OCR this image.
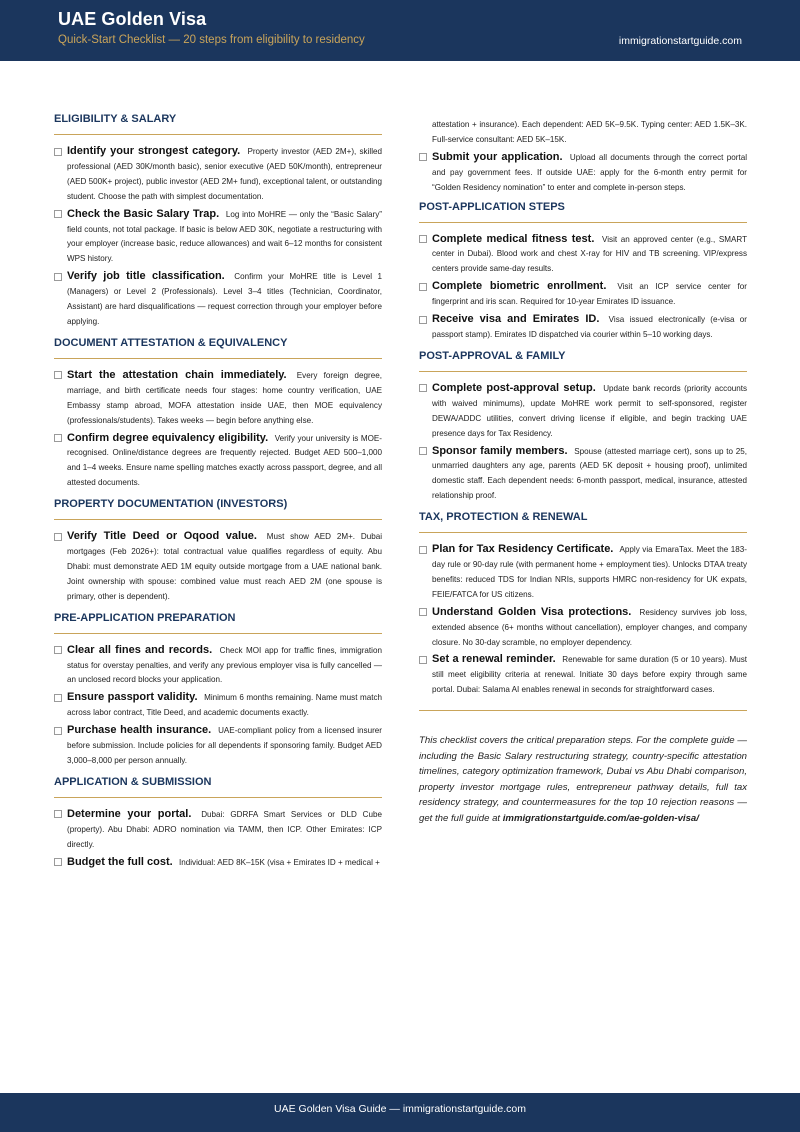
UAE Golden Visa
Quick-Start Checklist — 20 steps from eligibility to residency	immigrationstartguide.com
ELIGIBILITY & SALARY
Identify your strongest category. Property investor (AED 2M+), skilled professional (AED 30K/month basic), senior executive (AED 50K/month), entrepreneur (AED 500K+ project), public investor (AED 2M+ fund), exceptional talent, or outstanding student. Choose the path with simplest documentation.
Check the Basic Salary Trap. Log into MoHRE — only the “Basic Salary” field counts, not total package. If basic is below AED 30K, negotiate a restructuring with your employer (increase basic, reduce allowances) and wait 6–12 months for consistent WPS history.
Verify job title classification. Confirm your MoHRE title is Level 1 (Managers) or Level 2 (Professionals). Level 3–4 titles (Technician, Coordinator, Assistant) are hard disqualifications — request correction through your employer before applying.
DOCUMENT ATTESTATION & EQUIVALENCY
Start the attestation chain immediately. Every foreign degree, marriage, and birth certificate needs four stages: home country verification, UAE Embassy stamp abroad, MOFA attestation inside UAE, then MOE equivalency (professionals/students). Takes weeks — begin before anything else.
Confirm degree equivalency eligibility. Verify your university is MOE-recognised. Online/distance degrees are frequently rejected. Budget AED 500–1,000 and 1–4 weeks. Ensure name spelling matches exactly across passport, degree, and all attested documents.
PROPERTY DOCUMENTATION (INVESTORS)
Verify Title Deed or Oqood value. Must show AED 2M+. Dubai mortgages (Feb 2026+): total contractual value qualifies regardless of equity. Abu Dhabi: must demonstrate AED 1M equity outside mortgage from a UAE national bank. Joint ownership with spouse: combined value must reach AED 2M (one spouse is primary, other is dependent).
PRE-APPLICATION PREPARATION
Clear all fines and records. Check MOI app for traffic fines, immigration status for overstay penalties, and verify any previous employer visa is fully cancelled — an unclosed record blocks your application.
Ensure passport validity. Minimum 6 months remaining. Name must match across labor contract, Title Deed, and academic documents exactly.
Purchase health insurance. UAE-compliant policy from a licensed insurer before submission. Include policies for all dependents if sponsoring family. Budget AED 3,000–8,000 per person annually.
APPLICATION & SUBMISSION
Determine your portal. Dubai: GDRFA Smart Services or DLD Cube (property). Abu Dhabi: ADRO nomination via TAMM, then ICP. Other Emirates: ICP directly.
Budget the full cost. Individual: AED 8K–15K (visa + Emirates ID + medical +
attestation + insurance). Each dependent: AED 5K–9.5K. Typing center: AED 1.5K–3K. Full-service consultant: AED 5K–15K.
Submit your application. Upload all documents through the correct portal and pay government fees. If outside UAE: apply for the 6-month entry permit for “Golden Residency nomination” to enter and complete in-person steps.
POST-APPLICATION STEPS
Complete medical fitness test. Visit an approved center (e.g., SMART center in Dubai). Blood work and chest X-ray for HIV and TB screening. VIP/express centers provide same-day results.
Complete biometric enrollment. Visit an ICP service center for fingerprint and iris scan. Required for 10-year Emirates ID issuance.
Receive visa and Emirates ID. Visa issued electronically (e-visa or passport stamp). Emirates ID dispatched via courier within 5–10 working days.
POST-APPROVAL & FAMILY
Complete post-approval setup. Update bank records (priority accounts with waived minimums), update MoHRE work permit to self-sponsored, register DEWA/ADDC utilities, convert driving license if eligible, and begin tracking UAE presence days for Tax Residency.
Sponsor family members. Spouse (attested marriage cert), sons up to 25, unmarried daughters any age, parents (AED 5K deposit + housing proof), unlimited domestic staff. Each dependent needs: 6-month passport, medical, insurance, attested relationship proof.
TAX, PROTECTION & RENEWAL
Plan for Tax Residency Certificate. Apply via EmaraTax. Meet the 183-day rule or 90-day rule (with permanent home + employment ties). Unlocks DTAA treaty benefits: reduced TDS for Indian NRIs, supports HMRC non-residency for UK expats, FEIE/FATCA for US citizens.
Understand Golden Visa protections. Residency survives job loss, extended absence (6+ months without cancellation), employer changes, and company closure. No 30-day scramble, no employer dependency.
Set a renewal reminder. Renewable for same duration (5 or 10 years). Must still meet eligibility criteria at renewal. Initiate 30 days before expiry through same portal. Dubai: Salama AI enables renewal in seconds for straightforward cases.
This checklist covers the critical preparation steps. For the complete guide — including the Basic Salary restructuring strategy, country-specific attestation timelines, category optimization framework, Dubai vs Abu Dhabi comparison, property investor mortgage rules, entrepreneur pathway details, full tax residency strategy, and countermeasures for the top 10 rejection reasons — get the full guide at immigrationstartguide.com/ae-golden-visa/
UAE Golden Visa Guide — immigrationstartguide.com
